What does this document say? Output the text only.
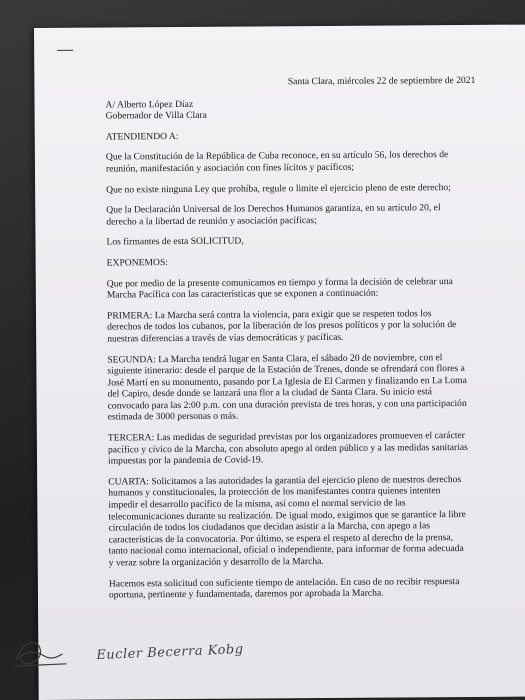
Santa Clara, miércoles 22 de septiembre de 2021

A/ Alberto López Díaz
Gobernador de Villa Clara

ATENDIENDO A:

Que la Constitución de la República de Cuba reconoce, en su artículo 56, los derechos de reunión, manifestación y asociación con fines lícitos y pacíficos;

Que no existe ninguna Ley que prohíba, regule o limite el ejercicio pleno de este derecho;

Que la Declaración Universal de los Derechos Humanos garantiza, en su artículo 20, el derecho a la libertad de reunión y asociación pacíficas;

Los firmantes de esta SOLICITUD,

EXPONEMOS:

Que por medio de la presente comunicamos en tiempo y forma la decisión de celebrar una Marcha Pacífica con las características que se exponen a continuación:

PRIMERA: La Marcha será contra la violencia, para exigir que se respeten todos los derechos de todos los cubanos, por la liberación de los presos políticos y por la solución de nuestras diferencias a través de vías democráticas y pacíficas.

SEGUNDA: La Marcha tendrá lugar en Santa Clara, el sábado 20 de noviembre, con el siguiente itinerario: desde el parque de la Estación de Trenes, donde se ofrendará con flores a José Martí en su monumento, pasando por La Iglesia de El Carmen y finalizando en La Loma del Capiro, desde donde se lanzará una flor a la ciudad de Santa Clara. Su inicio está convocado para las 2:00 p.m. con una duración prevista de tres horas, y con una participación estimada de 3000 personas o más.

TERCERA: Las medidas de seguridad previstas por los organizadores promueven el carácter pacífico y cívico de la Marcha, con absoluto apego al orden público y a las medidas sanitarias impuestas por la pandemia de Covid-19.

CUARTA: Solicitamos a las autoridades la garantía del ejercicio pleno de nuestros derechos humanos y constitucionales, la protección de los manifestantes contra quienes intenten impedir el desarrollo pacífico de la misma, así como el normal servicio de las telecomunicaciones durante su realización. De igual modo, exigimos que se garantice la libre circulación de todos los ciudadanos que decidan asistir a la Marcha, con apego a las características de la convocatoria. Por último, se espera el respeto al derecho de la prensa, tanto nacional como internacional, oficial o independiente, para informar de forma adecuada y veraz sobre la organización y desarrollo de la Marcha.

Hacemos esta solicitud con suficiente tiempo de antelación. En caso de no recibir respuesta oportuna, pertinente y fundamentada, daremos por aprobada la Marcha.

Eucler Becerra Kobg
